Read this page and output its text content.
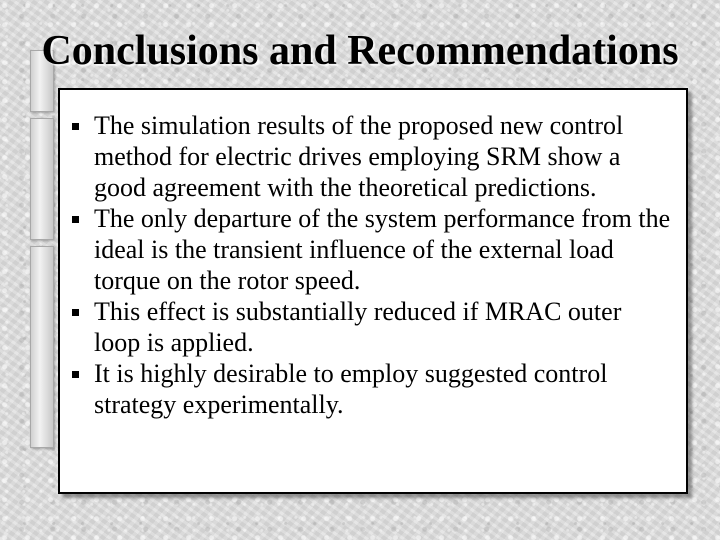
Conclusions and Recommendations
The simulation results of the proposed new control method for electric drives employing SRM show a good agreement with the theoretical predictions.
The only departure of the system performance from the ideal is the transient influence of the external load torque on the rotor speed.
This effect is substantially reduced if MRAC outer loop is applied.
It is highly desirable to employ suggested control strategy experimentally.
